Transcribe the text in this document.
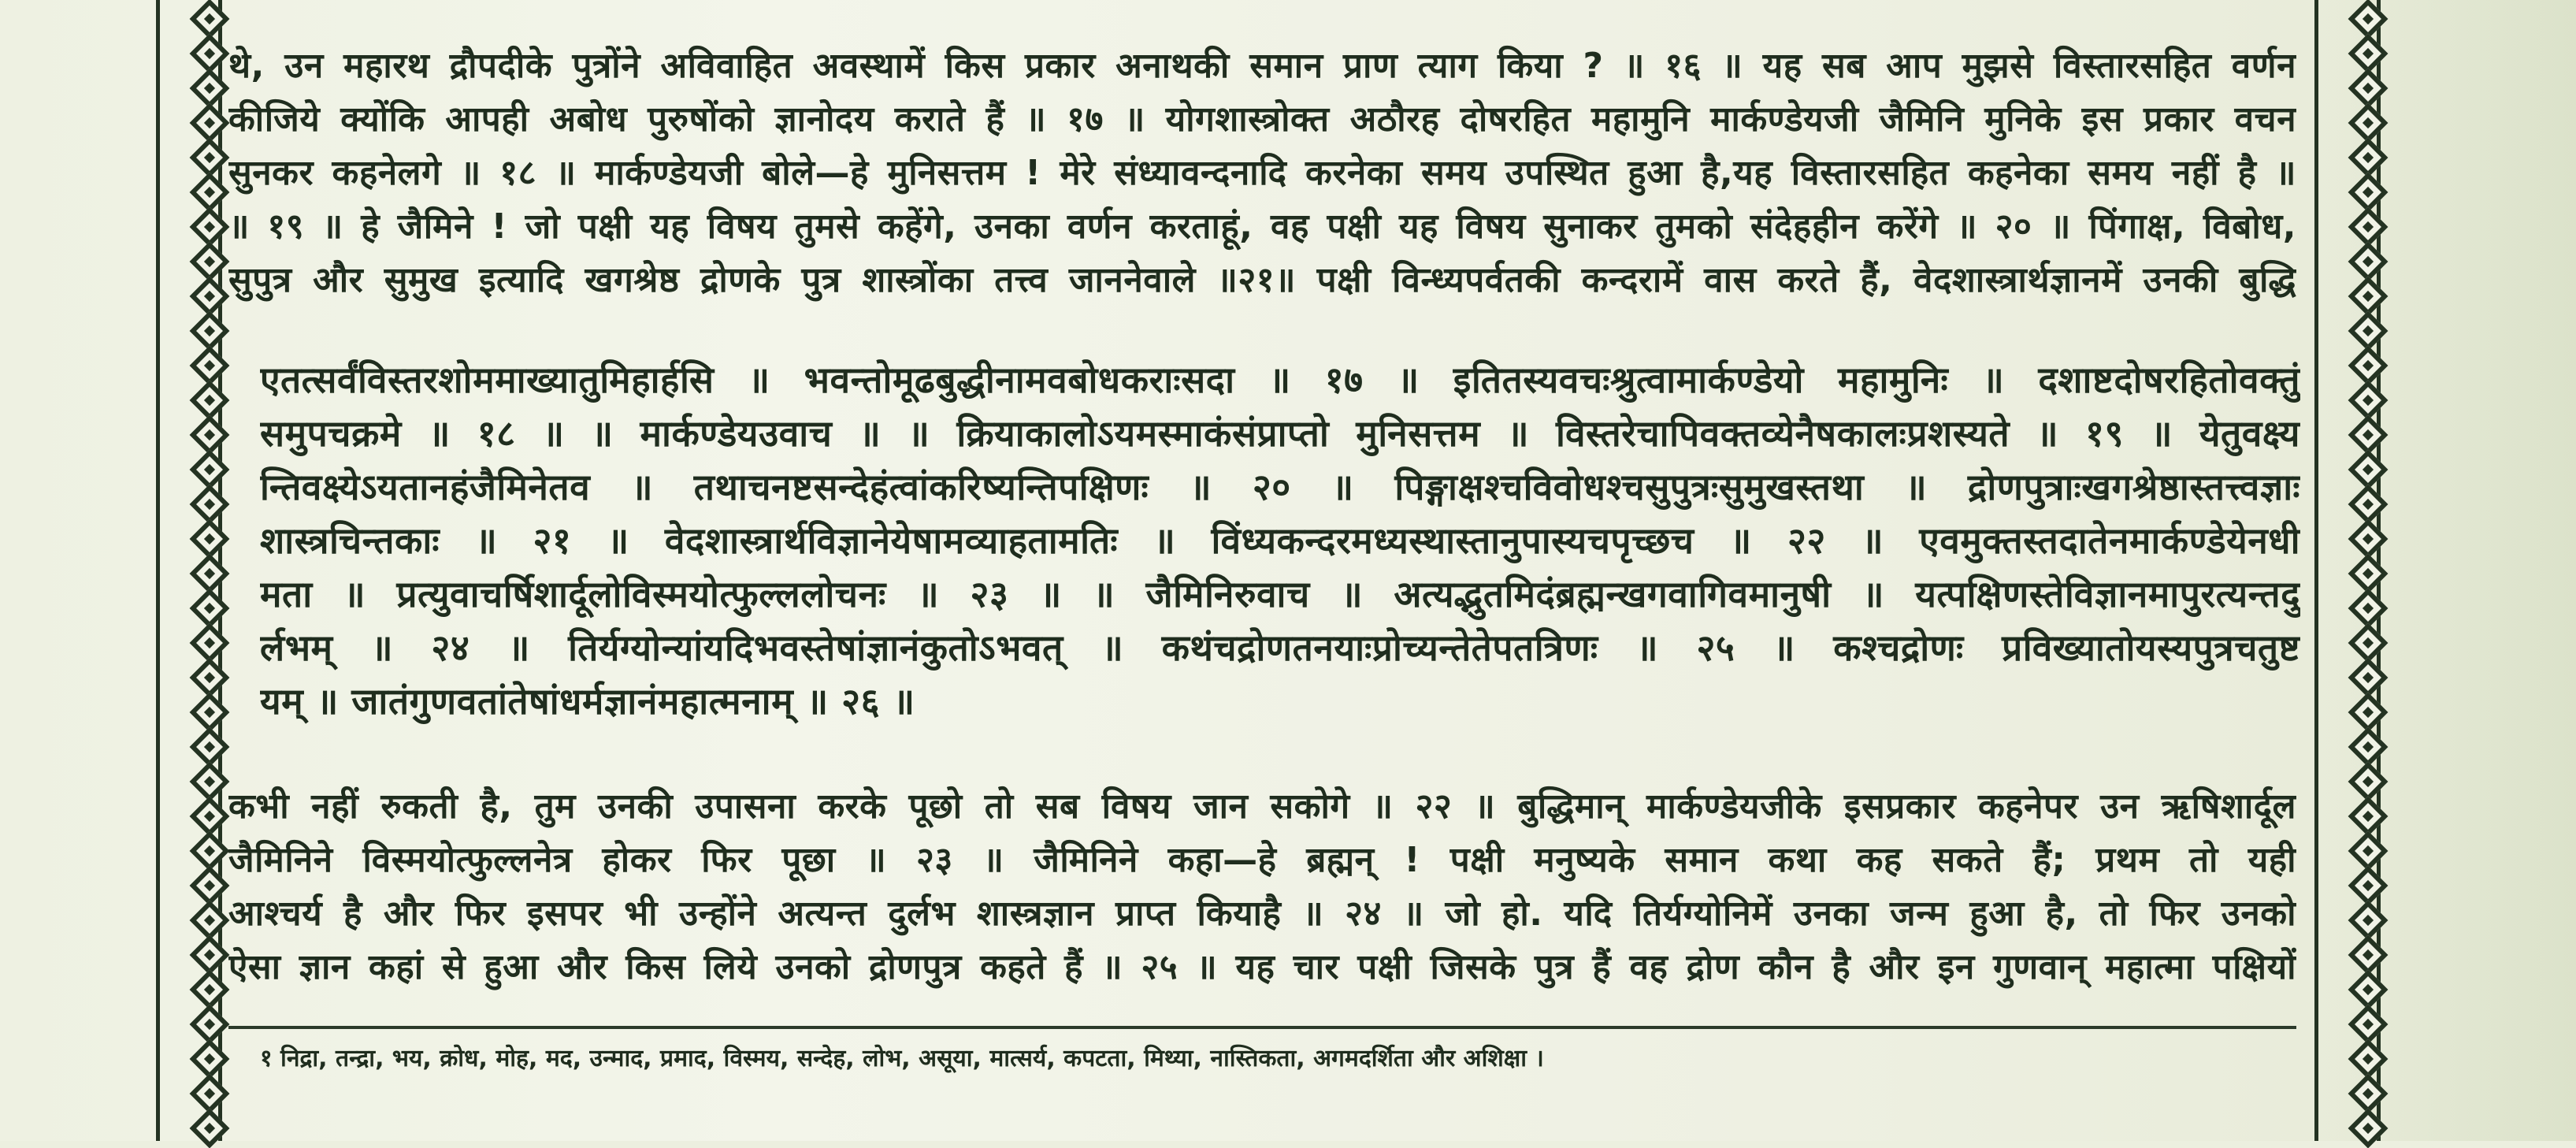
थे, उन महारथ द्रौपदीके पुत्रोंने अविवाहित अवस्थामें किस प्रकार अनाथकी समान प्राण त्याग किया ? ॥ १६ ॥ यह सब आप मुझसे विस्तारसहित वर्णन
कीजिये क्योंकि आपही अबोध पुरुषोंको ज्ञानोदय कराते हैं ॥ १७ ॥ योगशास्त्रोक्त अठौरह दोषरहित महामुनि मार्कण्डेयजी जैमिनि मुनिके इस प्रकार वचन
सुनकर कहनेलगे ॥ १८ ॥ मार्कण्डेयजी बोले—हे मुनिसत्तम ! मेरे संध्यावन्दनादि करनेका समय उपस्थित हुआ है,यह विस्तारसहित कहनेका समय नहीं है ॥
॥ १९ ॥ हे जैमिने ! जो पक्षी यह विषय तुमसे कहेंगे, उनका वर्णन करताहूं, वह पक्षी यह विषय सुनाकर तुमको संदेहहीन करेंगे ॥ २० ॥ पिंगाक्ष, विबोध,
सुपुत्र और सुमुख इत्यादि खगश्रेष्ठ द्रोणके पुत्र शास्त्रोंका तत्त्व जाननेवाले ॥२१॥ पक्षी विन्ध्यपर्वतकी कन्दरामें वास करते हैं, वेदशास्त्रार्थज्ञानमें उनकी बुद्धि
एतत्सर्वंविस्तरशोममाख्यातुमिहार्हसि ॥ भवन्तोमूढबुद्धीनामवबोधकराःसदा ॥ १७ ॥ इतितस्यवचःश्रुत्वामार्कण्डेयो महामुनिः ॥ दशाष्टदोषरहितोवक्तुं
समुपचक्रमे ॥ १८ ॥ ॥ मार्कण्डेयउवाच ॥ ॥ क्रियाकालोऽयमस्माकंसंप्राप्तो मुनिसत्तम ॥ विस्तरेचापिवक्तव्येनैषकालःप्रशस्यते ॥ १९ ॥ येतुवक्ष्य
न्तिवक्ष्येऽयतानहंजैमिनेतव ॥ तथाचनष्टसन्देहंत्वांकरिष्यन्तिपक्षिणः ॥ २० ॥ पिङ्गाक्षश्चविवोधश्चसुपुत्रःसुमुखस्तथा ॥ द्रोणपुत्राःखगश्रेष्ठास्तत्त्वज्ञाः
शास्त्रचिन्तकाः ॥ २१ ॥ वेदशास्त्रार्थविज्ञानेयेषामव्याहतामतिः ॥ विंध्यकन्दरमध्यस्थास्तानुपास्यचपृच्छच ॥ २२ ॥ एवमुक्तस्तदातेनमार्कण्डेयेनधी
मता ॥ प्रत्युवाचर्षिशार्दूलोविस्मयोत्फुल्ललोचनः ॥ २३ ॥ ॥ जैमिनिरुवाच ॥ अत्यद्भुतमिदंब्रह्मन्खगवागिवमानुषी ॥ यत्पक्षिणस्तेविज्ञानमापुरत्यन्तदु
र्लभम् ॥ २४ ॥ तिर्यग्योन्यांयदिभवस्तेषांज्ञानंकुतोऽभवत् ॥ कथंचद्रोणतनयाःप्रोच्यन्तेतेपतत्रिणः ॥ २५ ॥ कश्चद्रोणः प्रविख्यातोयस्यपुत्रचतुष्ट
यम् ॥ जातंगुणवतांतेषांधर्मज्ञानंमहात्मनाम् ॥ २६ ॥
कभी नहीं रुकती है, तुम उनकी उपासना करके पूछो तो सब विषय जान सकोगे ॥ २२ ॥ बुद्धिमान् मार्कण्डेयजीके इसप्रकार कहनेपर उन ऋषिशार्दूल
जैमिनिने विस्मयोत्फुल्लनेत्र होकर फिर पूछा ॥ २३ ॥ जैमिनिने कहा—हे ब्रह्मन् ! पक्षी मनुष्यके समान कथा कह सकते हैं; प्रथम तो यही
आश्चर्य है और फिर इसपर भी उन्होंने अत्यन्त दुर्लभ शास्त्रज्ञान प्राप्त कियाहै ॥ २४ ॥ जो हो. यदि तिर्यग्योनिमें उनका जन्म हुआ है, तो फिर उनको
ऐसा ज्ञान कहां से हुआ और किस लिये उनको द्रोणपुत्र कहते हैं ॥ २५ ॥ यह चार पक्षी जिसके पुत्र हैं वह द्रोण कौन है और इन गुणवान् महात्मा पक्षियों
१ निद्रा, तन्द्रा, भय, क्रोध, मोह, मद, उन्माद, प्रमाद, विस्मय, सन्देह, लोभ, असूया, मात्सर्य, कपटता, मिथ्या, नास्तिकता, अगमदर्शिता और अशिक्षा ।
